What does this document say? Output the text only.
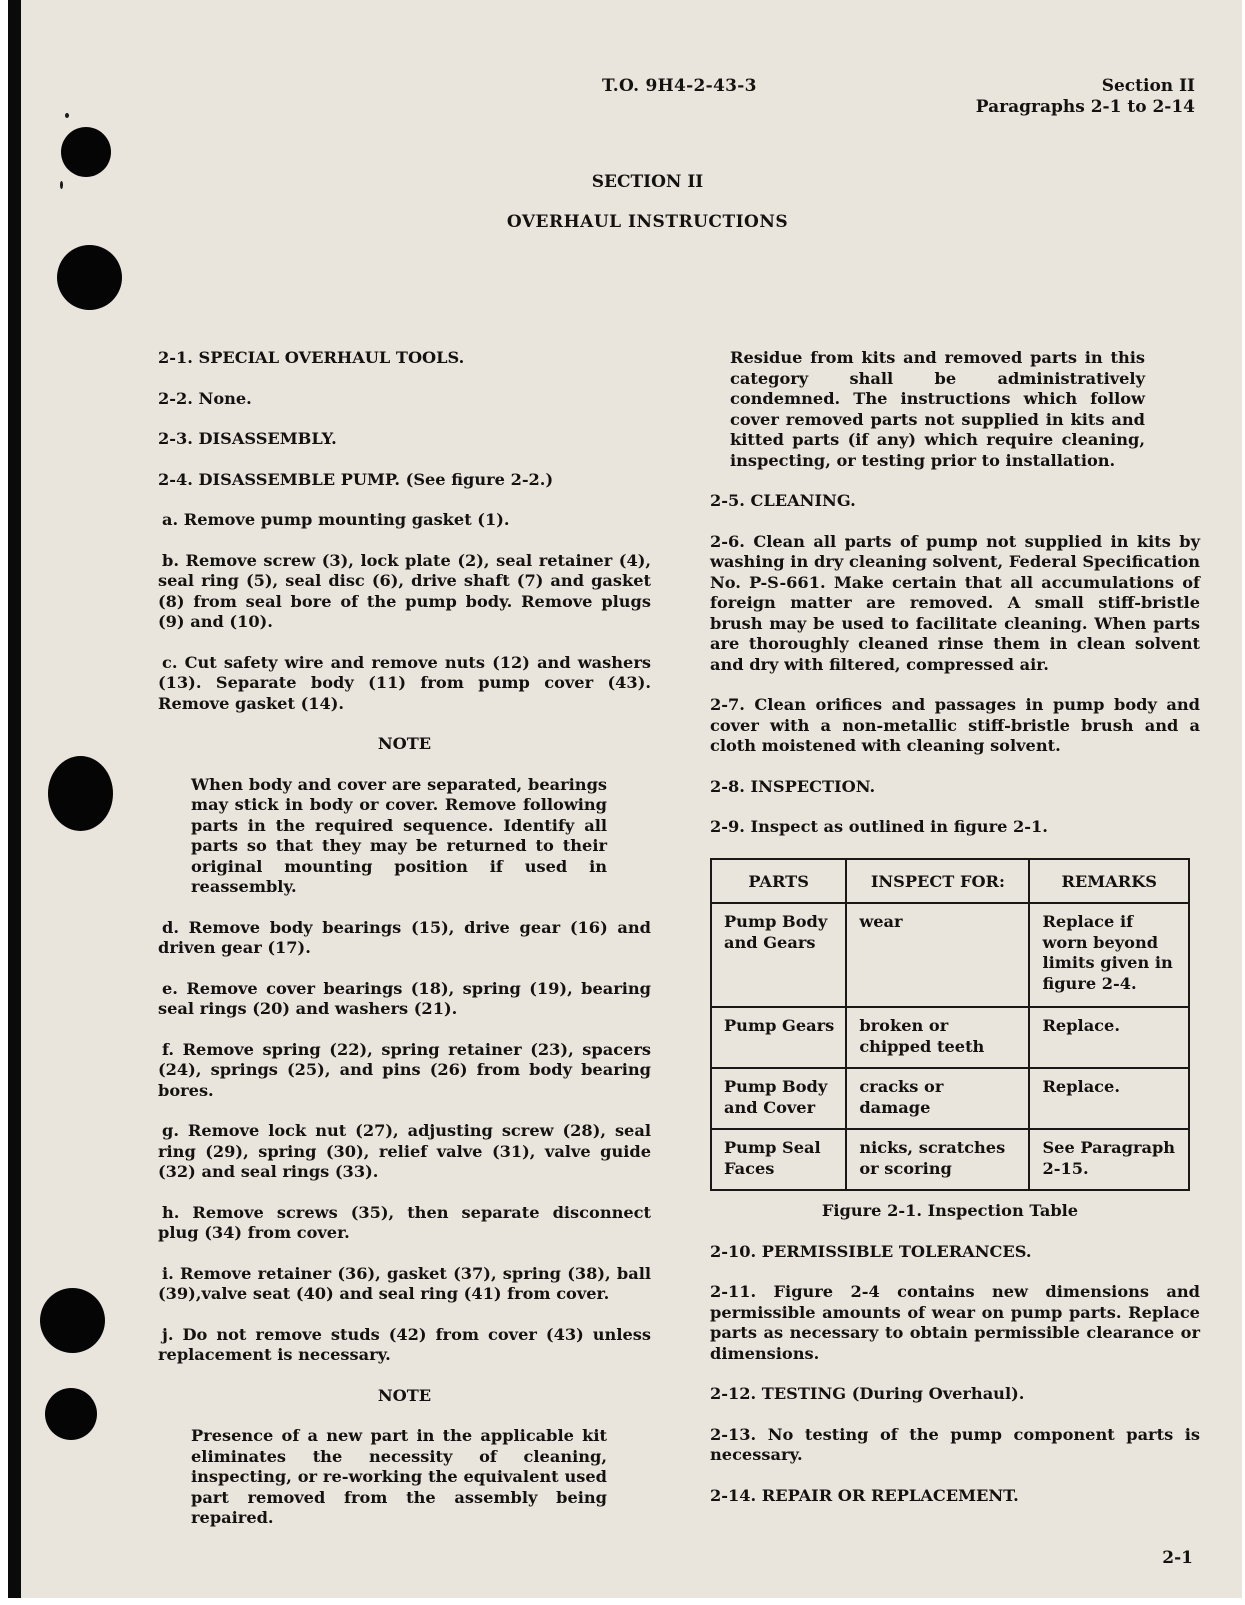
T.O. 9H4-2-43-3	Section II
Paragraphs 2-1 to 2-14
SECTION II
OVERHAUL INSTRUCTIONS

2-1. SPECIAL OVERHAUL TOOLS.

2-2. None.

2-3. DISASSEMBLY.

2-4. DISASSEMBLE PUMP. (See figure 2-2.)

a. Remove pump mounting gasket (1).

b. Remove screw (3), lock plate (2), seal retainer (4), seal ring (5), seal disc (6), drive shaft (7) and gasket (8) from seal bore of the pump body. Remove plugs (9) and (10).

c. Cut safety wire and remove nuts (12) and washers (13). Separate body (11) from pump cover (43). Remove gasket (14).

NOTE

When body and cover are separated, bearings may stick in body or cover. Remove following parts in the required sequence. Identify all parts so that they may be returned to their original mounting position if used in reassembly.

d. Remove body bearings (15), drive gear (16) and driven gear (17).

e. Remove cover bearings (18), spring (19), bearing seal rings (20) and washers (21).

f. Remove spring (22), spring retainer (23), spacers (24), springs (25), and pins (26) from body bearing bores.

g. Remove lock nut (27), adjusting screw (28), seal ring (29), spring (30), relief valve (31), valve guide (32) and seal rings (33).

h. Remove screws (35), then separate disconnect plug (34) from cover.

i. Remove retainer (36), gasket (37), spring (38), ball (39),valve seat (40) and seal ring (41) from cover.

j. Do not remove studs (42) from cover (43) unless replacement is necessary.

NOTE

Presence of a new part in the applicable kit eliminates the necessity of cleaning, inspecting, or re-working the equivalent used part removed from the assembly being repaired.

Residue from kits and removed parts in this category shall be administratively condemned. The instructions which follow cover removed parts not supplied in kits and kitted parts (if any) which require cleaning, inspecting, or testing prior to installation.

2-5. CLEANING.

2-6. Clean all parts of pump not supplied in kits by washing in dry cleaning solvent, Federal Specification No. P-S-661. Make certain that all accumulations of foreign matter are removed. A small stiff-bristle brush may be used to facilitate cleaning. When parts are thoroughly cleaned rinse them in clean solvent and dry with filtered, compressed air.

2-7. Clean orifices and passages in pump body and cover with a non-metallic stiff-bristle brush and a cloth moistened with cleaning solvent.

2-8. INSPECTION.

2-9. Inspect as outlined in figure 2-1.

PARTS	INSPECT FOR:	REMARKS
Pump Body and Gears	wear	Replace if worn beyond limits given in figure 2-4.
Pump Gears	broken or chipped teeth	Replace.
Pump Body and Cover	cracks or damage	Replace.
Pump Seal Faces	nicks, scratches or scoring	See Paragraph 2-15.

Figure 2-1. Inspection Table

2-10. PERMISSIBLE TOLERANCES.

2-11. Figure 2-4 contains new dimensions and permissible amounts of wear on pump parts. Replace parts as necessary to obtain permissible clearance or dimensions.

2-12. TESTING (During Overhaul).

2-13. No testing of the pump component parts is necessary.

2-14. REPAIR OR REPLACEMENT.

2-1
